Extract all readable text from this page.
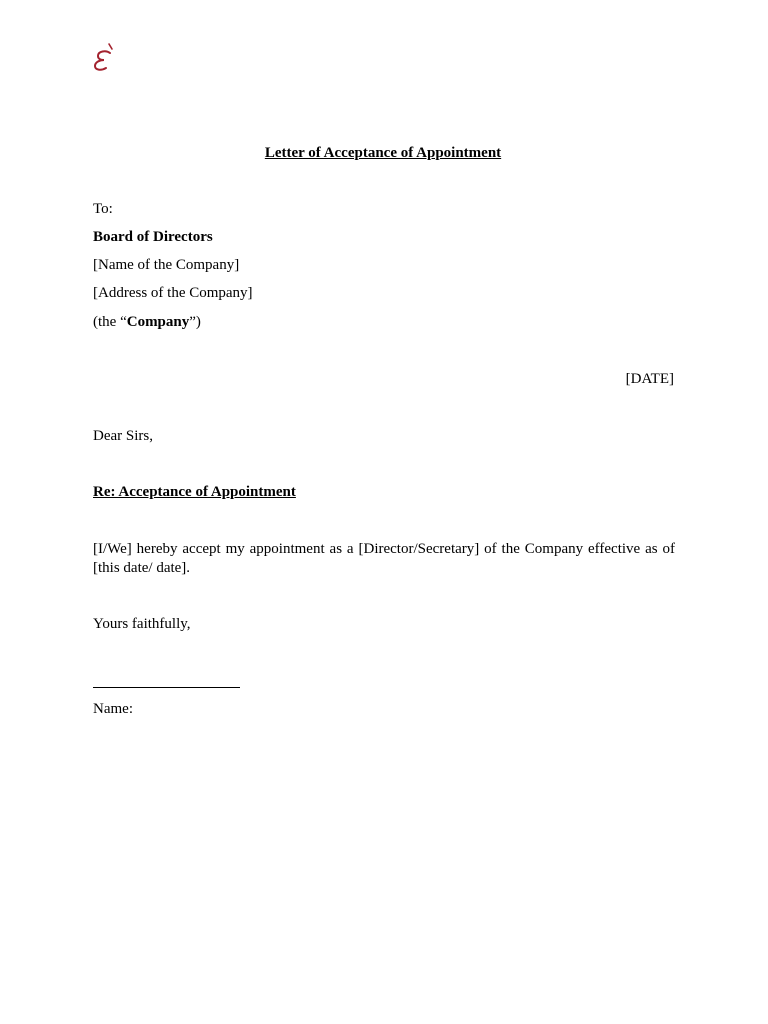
Letter of Acceptance of Appointment
To:
Board of Directors
[Name of the Company]
[Address of the Company]
(the “Company”)
[DATE]
Dear Sirs,
Re: Acceptance of Appointment
[I/We] hereby accept my appointment as a [Director/Secretary] of the Company effective as of [this date/ date].
Yours faithfully,
Name:
